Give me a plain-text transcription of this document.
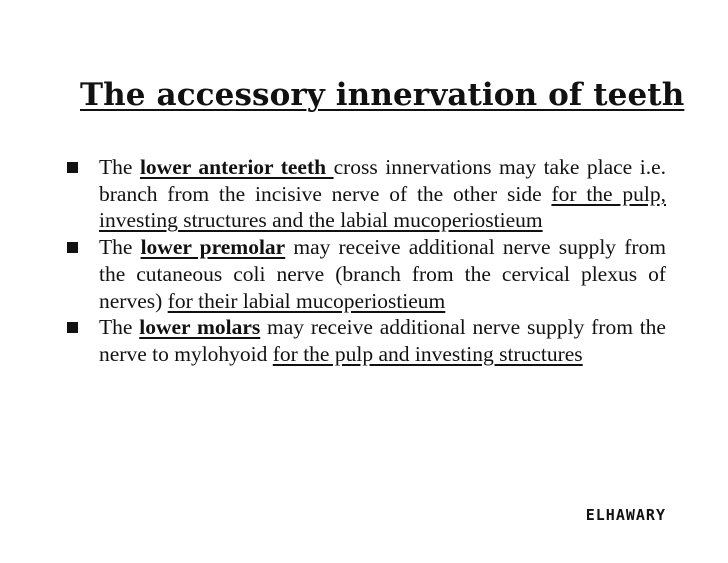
The accessory innervation of teeth
The lower anterior teeth cross innervations may take place i.e. branch from the incisive nerve of the other side for the pulp, investing structures and the labial mucoperiostieum
The lower premolar may receive additional nerve supply from the cutaneous coli nerve (branch from the cervical plexus of nerves) for their labial mucoperiostieum
The lower molars may receive additional nerve supply from the nerve to mylohyoid for the pulp and investing structures
ELHAWARY
